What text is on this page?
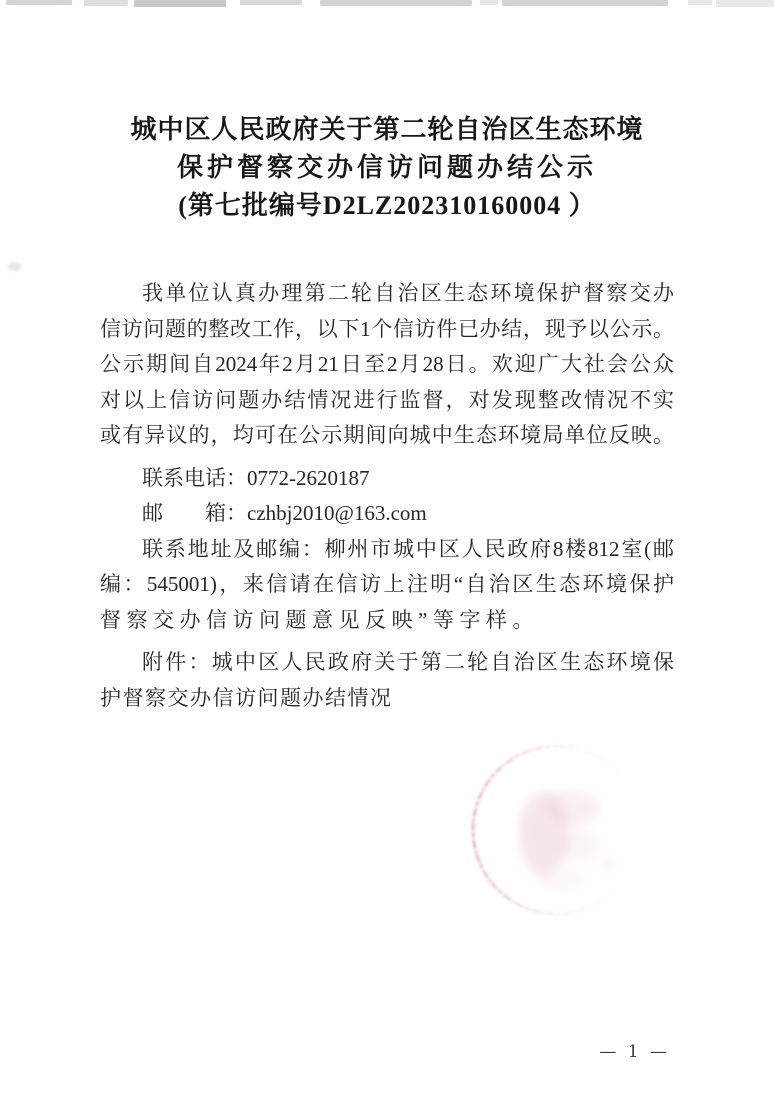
城中区人民政府关于第二轮自治区生态环境
保护督察交办信访问题办结公示
(第七批编号D2LZ202310160004 ）
我单位认真办理第二轮自治区生态环境保护督察交办
信访问题的整改工作，以下1个信访件已办结，现予以公示。
公示期间自2024年2月21日至2月28日。欢迎广大社会公众
对以上信访问题办结情况进行监督，对发现整改情况不实
或有异议的，均可在公示期间向城中生态环境局单位反映。
联系电话：0772-2620187
邮　　箱：czhbj2010@163.com
联系地址及邮编：柳州市城中区人民政府8楼812室(邮
编：545001)，来信请在信访上注明“自治区生态环境保护
督察交办信访问题意见反映”等字样。
附件：城中区人民政府关于第二轮自治区生态环境保
护督察交办信访问题办结情况
— 1 —
